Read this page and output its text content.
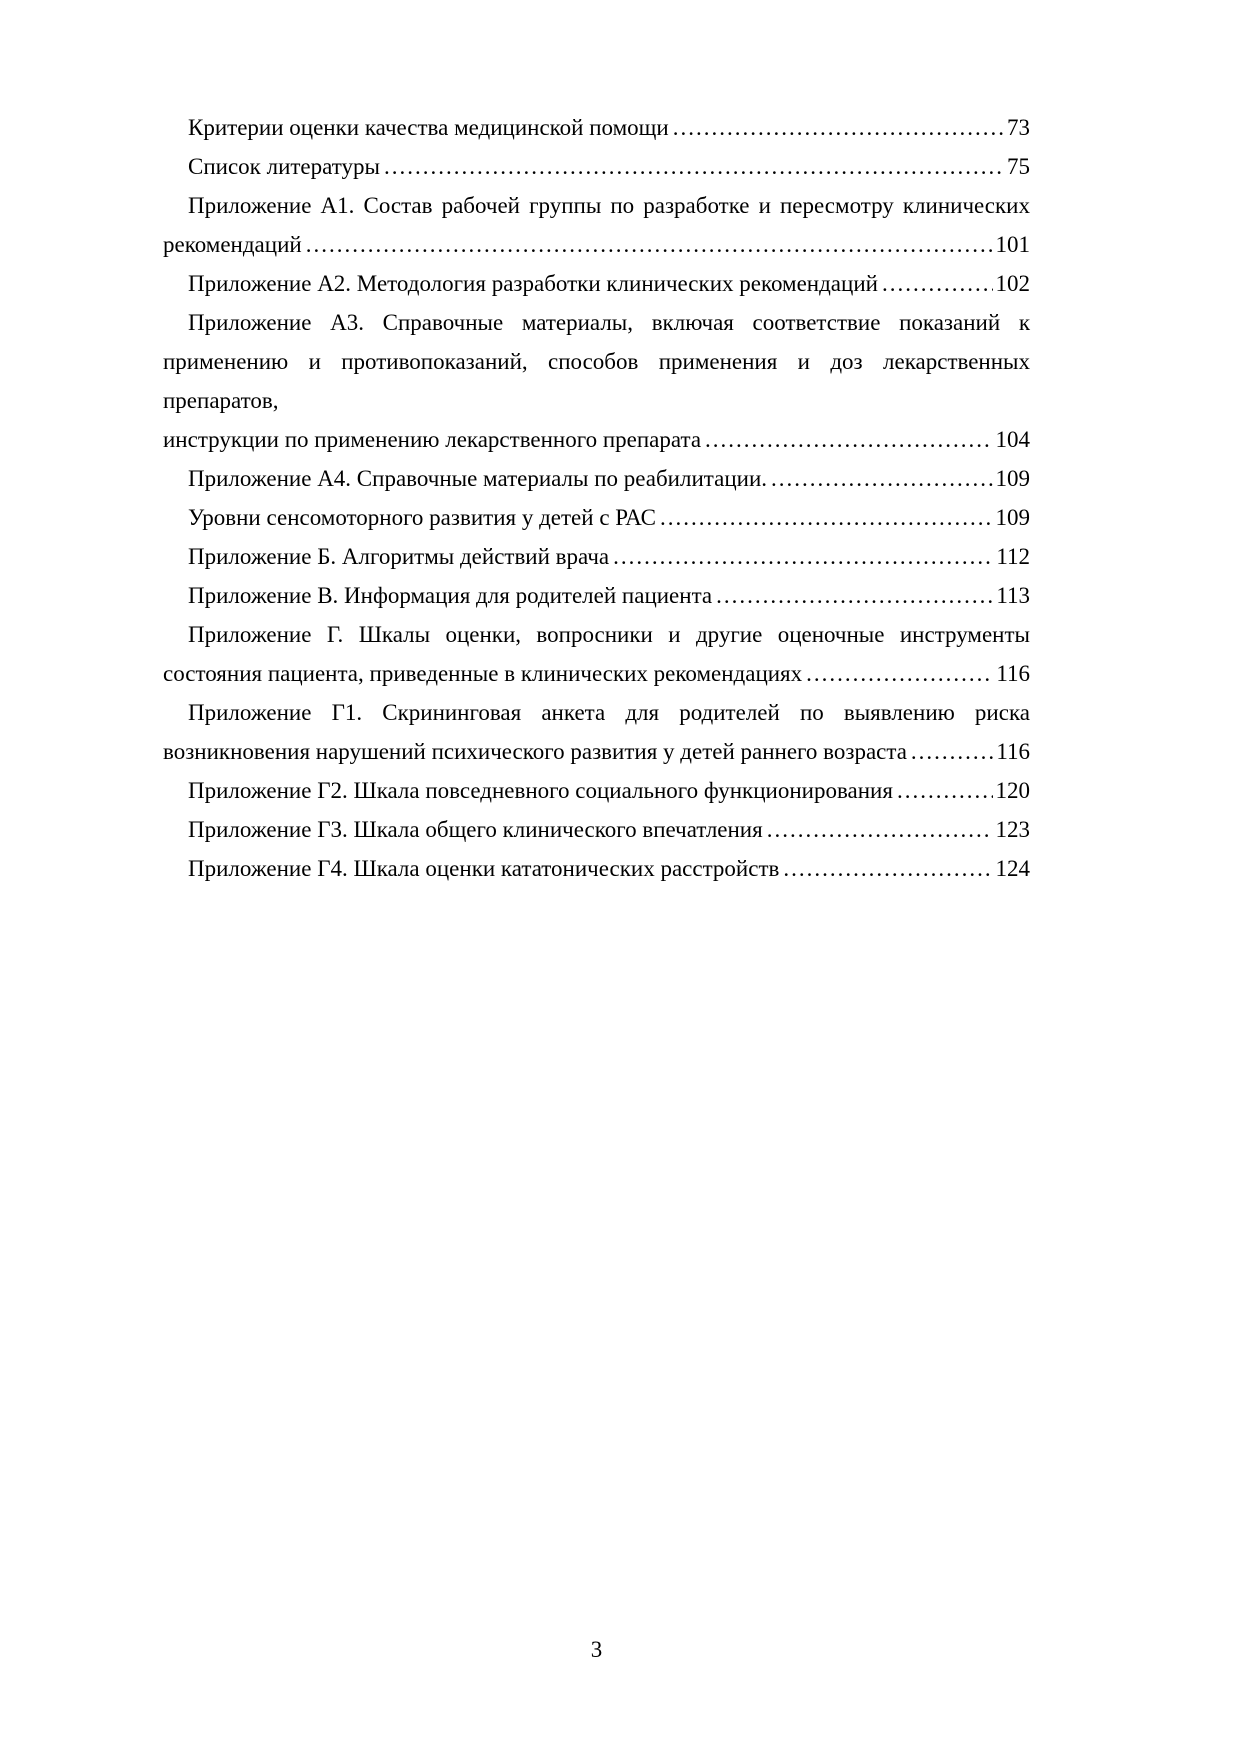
Критерии оценки качества медицинской помощи .....	73
Список литературы .....	75
Приложение А1. Состав рабочей группы по разработке и пересмотру клинических
рекомендаций .....	101
Приложение А2. Методология разработки клинических рекомендаций .....	102
Приложение А3. Справочные материалы, включая соответствие показаний к
применению и противопоказаний, способов применения и доз лекарственных препаратов,
инструкции по применению лекарственного препарата .....	104
Приложение А4. Справочные материалы по реабилитации. .....	109
Уровни сенсомоторного развития у детей с РАС .....	109
Приложение Б. Алгоритмы действий врача .....	112
Приложение В. Информация для родителей пациента .....	113
Приложение Г. Шкалы оценки, вопросники и другие оценочные инструменты
состояния пациента, приведенные в клинических рекомендациях .....	116
Приложение Г1. Скрининговая анкета для родителей по выявлению риска
возникновения нарушений психического развития у детей раннего возраста .....	116
Приложение Г2. Шкала повседневного социального функционирования .....	120
Приложение Г3. Шкала общего клинического впечатления .....	123
Приложение Г4. Шкала оценки кататонических расстройств .....	124
3
